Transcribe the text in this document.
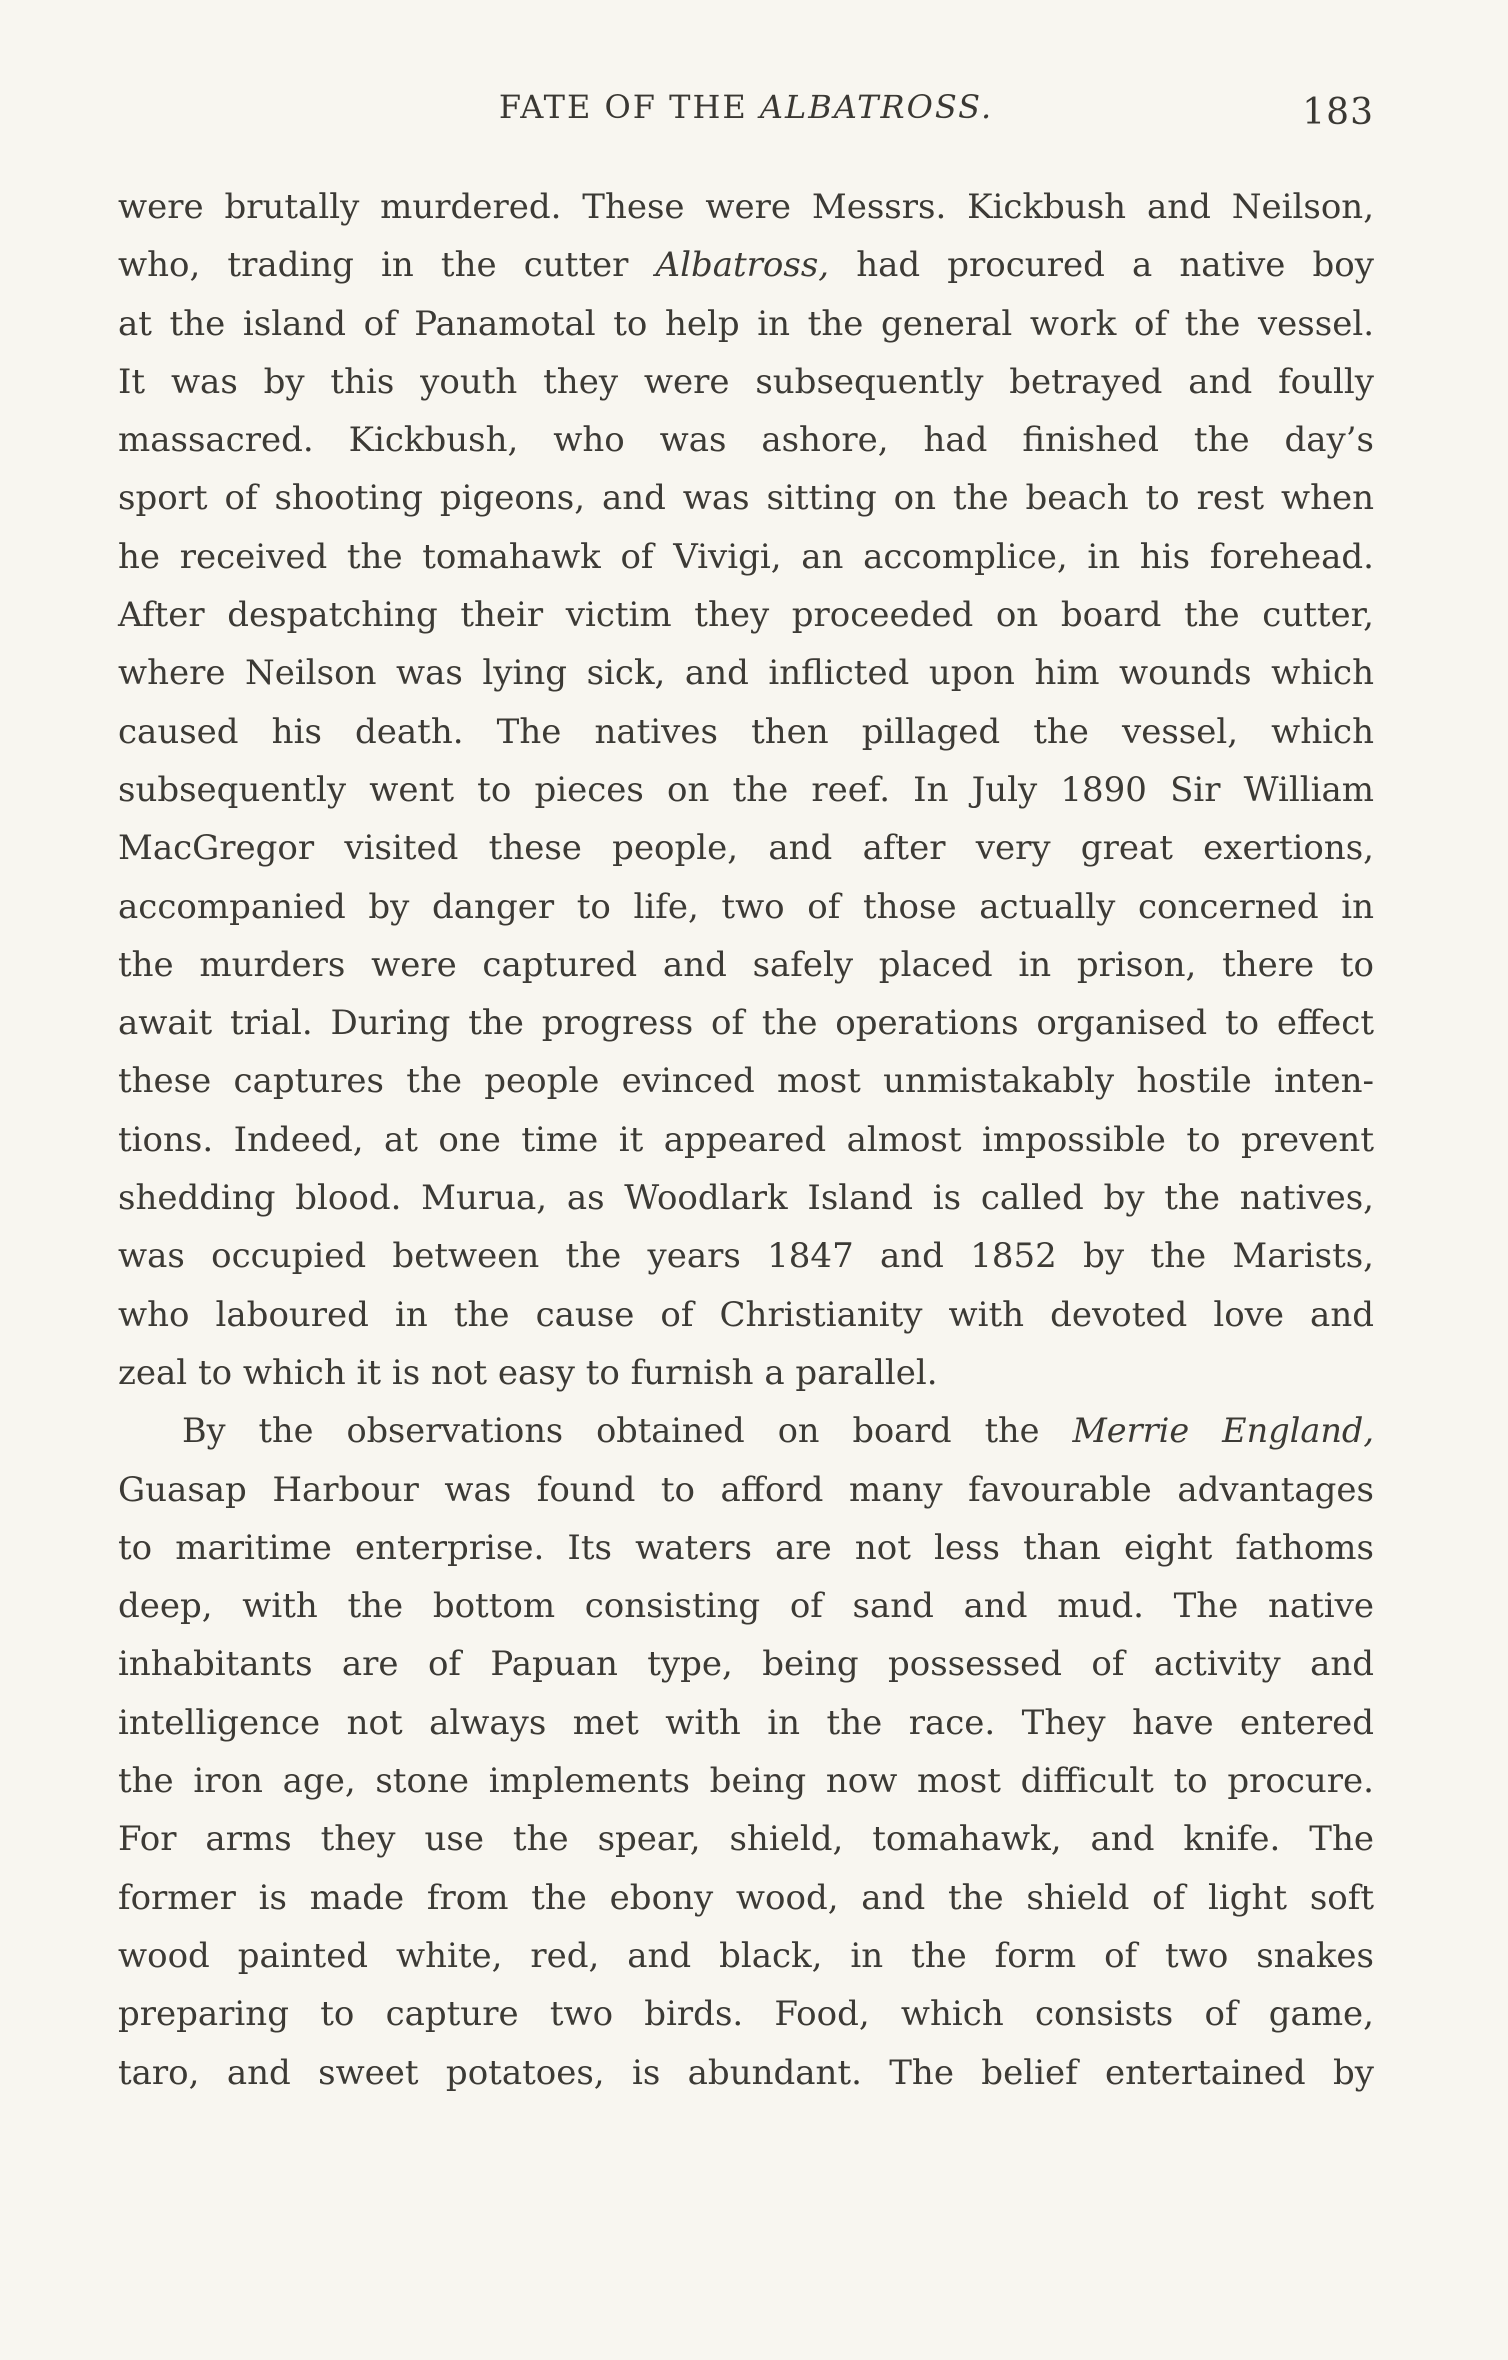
FATE OF THE ALBATROSS.	183
were brutally murdered. These were Messrs. Kickbush and Neilson,
who, trading in the cutter Albatross, had procured a native boy
at the island of Panamotal to help in the general work of the vessel.
It was by this youth they were subsequently betrayed and foully
massacred. Kickbush, who was ashore, had finished the day’s
sport of shooting pigeons, and was sitting on the beach to rest when
he received the tomahawk of Vivigi, an accomplice, in his forehead.
After despatching their victim they proceeded on board the cutter,
where Neilson was lying sick, and inflicted upon him wounds which
caused his death. The natives then pillaged the vessel, which
subsequently went to pieces on the reef. In July 1890 Sir William
MacGregor visited these people, and after very great exertions,
accompanied by danger to life, two of those actually concerned in
the murders were captured and safely placed in prison, there to
await trial. During the progress of the operations organised to effect
these captures the people evinced most unmistakably hostile inten-
tions. Indeed, at one time it appeared almost impossible to prevent
shedding blood. Murua, as Woodlark Island is called by the natives,
was occupied between the years 1847 and 1852 by the Marists,
who laboured in the cause of Christianity with devoted love and
zeal to which it is not easy to furnish a parallel.
By the observations obtained on board the Merrie England,
Guasap Harbour was found to afford many favourable advantages
to maritime enterprise. Its waters are not less than eight fathoms
deep, with the bottom consisting of sand and mud. The native
inhabitants are of Papuan type, being possessed of activity and
intelligence not always met with in the race. They have entered
the iron age, stone implements being now most difficult to procure.
For arms they use the spear, shield, tomahawk, and knife. The
former is made from the ebony wood, and the shield of light soft
wood painted white, red, and black, in the form of two snakes
preparing to capture two birds. Food, which consists of game,
taro, and sweet potatoes, is abundant. The belief entertained by
